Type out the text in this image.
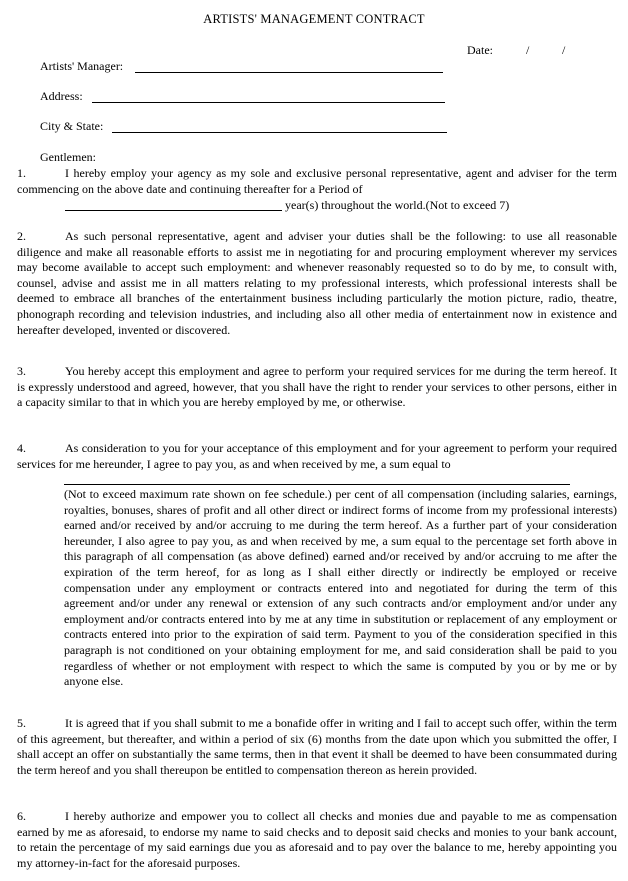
ARTISTS' MANAGEMENT CONTRACT
Date:	/	/
Artists' Manager:
Address:
City & State:
Gentlemen:
1.	I hereby employ your agency as my sole and exclusive personal representative, agent and adviser for the term commencing on the above date and continuing thereafter for a Period of

year(s) throughout the world.(Not to exceed 7)
2.	As such personal representative, agent and adviser your duties shall be the following: to use all reasonable diligence and make all reasonable efforts to assist me in negotiating for and procuring employment wherever my services may become available to accept such employment: and whenever reasonably requested so to do by me, to consult with, counsel, advise and assist me in all matters relating to my professional interests, which professional interests shall be deemed to embrace all branches of the entertainment business including particularly the motion picture, radio, theatre, phonograph recording and television industries, and including also all other media of entertainment now in existence and hereafter developed, invented or discovered.

3.	You hereby accept this employment and agree to perform your required services for me during the term hereof. It is expressly understood and agreed, however, that you shall have the right to render your services to other persons, either in a capacity similar to that in which you are hereby employed by me, or otherwise.

4.	As consideration to you for your acceptance of this employment and for your agreement to perform your required services for me hereunder, I agree to pay you, as and when received by me, a sum equal to

(Not to exceed maximum rate shown on fee schedule.) per cent of all compensation (including salaries, earnings, royalties, bonuses, shares of profit and all other direct or indirect forms of income from my professional interests) earned and/or received by and/or accruing to me during the term hereof. As a further part of your consideration hereunder, I also agree to pay you, as and when received by me, a sum equal to the percentage set forth above in this paragraph of all compensation (as above defined) earned and/or received by and/or accruing to me after the expiration of the term hereof, for as long as I shall either directly or indirectly be employed or receive compensation under any employment or contracts entered into and negotiated for during the term of this agreement and/or under any renewal or extension of any such contracts and/or employment and/or under any employment and/or contracts entered into by me at any time in substitution or replacement of any employment or contracts entered into prior to the expiration of said term. Payment to you of the consideration specified in this paragraph is not conditioned on your obtaining employment for me, and said consideration shall be paid to you regardless of whether or not employment with respect to which the same is computed by you or by me or by anyone else.

5.	It is agreed that if you shall submit to me a bonafide offer in writing and I fail to accept such offer, within the term of this agreement, but thereafter, and within a period of six (6) months from the date upon which you submitted the offer, I shall accept an offer on substantially the same terms, then in that event it shall be deemed to have been consummated during the term hereof and you shall thereupon be entitled to compensation thereon as herein provided.

6.	I hereby authorize and empower you to collect all checks and monies due and payable to me as compensation earned by me as aforesaid, to endorse my name to said checks and to deposit said checks and monies to your bank account, to retain the percentage of my said earnings due you as aforesaid and to pay over the balance to me, hereby appointing you my attorney-in-fact for the aforesaid purposes.
